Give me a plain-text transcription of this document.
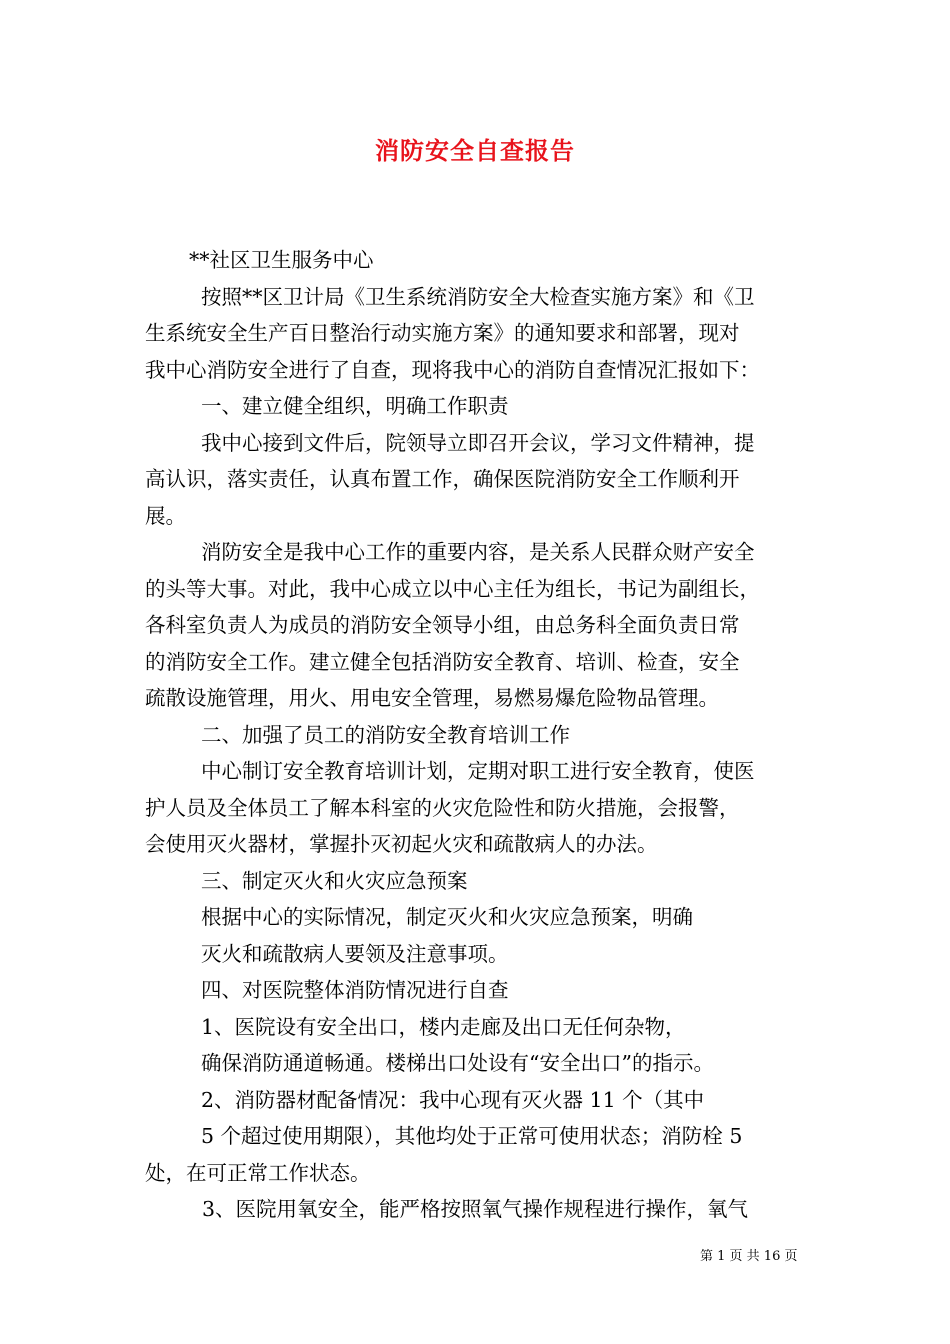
消防安全自查报告

**社区卫生服务中心

按照**区卫计局《卫生系统消防安全大检查实施方案》和《卫

生系统安全生产百日整治行动实施方案》的通知要求和部署，现对

我中心消防安全进行了自查，现将我中心的消防自查情况汇报如下：

一、建立健全组织，明确工作职责

我中心接到文件后，院领导立即召开会议，学习文件精神，提

高认识，落实责任，认真布置工作，确保医院消防安全工作顺利开

展。

消防安全是我中心工作的重要内容，是关系人民群众财产安全

的头等大事。对此，我中心成立以中心主任为组长，书记为副组长，

各科室负责人为成员的消防安全领导小组，由总务科全面负责日常

的消防安全工作。建立健全包括消防安全教育、培训、检查，安全

疏散设施管理，用火、用电安全管理，易燃易爆危险物品管理。

二、加强了员工的消防安全教育培训工作

中心制订安全教育培训计划，定期对职工进行安全教育，使医

护人员及全体员工了解本科室的火灾危险性和防火措施，会报警，

会使用灭火器材，掌握扑灭初起火灾和疏散病人的办法。

三、制定灭火和火灾应急预案

根据中心的实际情况，制定灭火和火灾应急预案，明确

灭火和疏散病人要领及注意事项。

四、对医院整体消防情况进行自查

1、医院设有安全出口，楼内走廊及出口无任何杂物，

确保消防通道畅通。楼梯出口处设有“安全出口”的指示。

2、消防器材配备情况：我中心现有灭火器 11 个（其中

5 个超过使用期限），其他均处于正常可使用状态；消防栓 5

处，在可正常工作状态。

3、医院用氧安全，能严格按照氧气操作规程进行操作，氧气

第 1 页 共 16 页
